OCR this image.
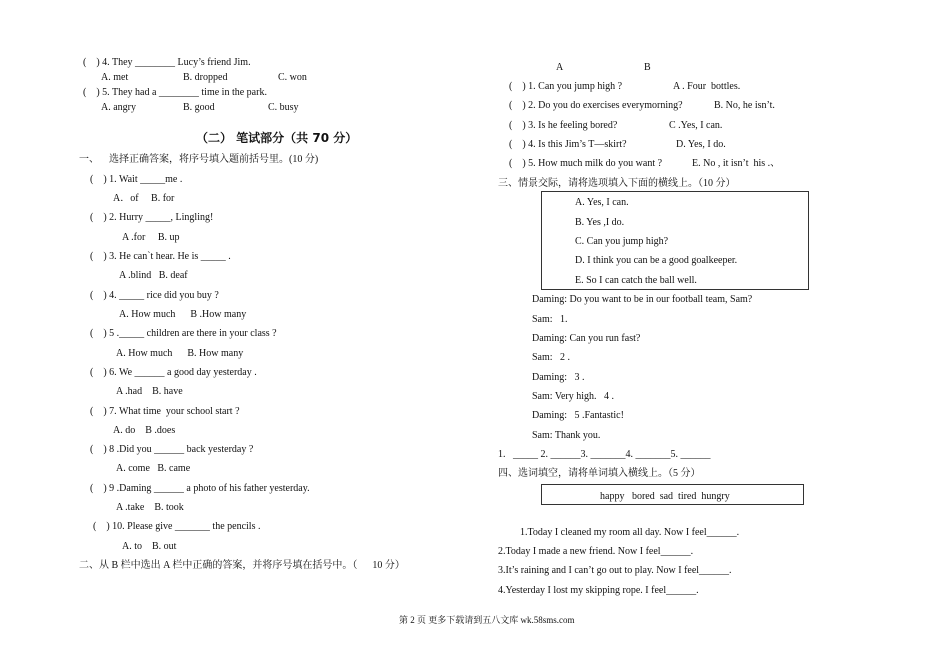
(    ) 4. They ________ Lucy’s friend Jim.
A. met	B. dropped	C. won
(    ) 5. They had a ________ time in the park.
A. angry	B. good	C. busy
（二） 笔试部分（共 70 分）
一、    选择正确答案，将序号填入题前括号里。(10 分)
(    ) 1. Wait _____me .
A．of     B. for
(    ) 2. Hurry _____, Lingling!
A .for     B. up
(    ) 3. He can`t hear. He is _____ .
A .blind   B. deaf
(    ) 4. _____ rice did you buy ?
A. How much      B .How many
(    ) 5 ._____ children are there in your class ?
A. How much      B. How many
(    ) 6. We ______ a good day yesterday .
A .had    B. have
(    ) 7. What time  your school start ?
A. do    B .does
(    ) 8 .Did you ______ back yesterday ?
A. come   B. came
(    ) 9 .Daming ______ a photo of his father yesterday.
A .take    B. took
(    ) 10. Please give _______ the pencils .
A. to    B. out
二、从 B 栏中选出 A 栏中正确的答案，并将序号填在括号中。（      10 分）
A	B
(    ) 1. Can you jump high ?	A . Four  bottles.
(    ) 2. Do you do exercises everymorning?	B. No, he isn’t.
(    ) 3. Is he feeling bored?	C .Yes, I can.
(    ) 4. Is this Jim’s T—skirt?	D. Yes, I do.
(    ) 5. How much milk do you want ?	E. No , it isn’t  his .、
三、情景交际，请将选项填入下面的横线上。（10 分）
A. Yes, I can.
B. Yes ,I do.
C. Can you jump high?
D. I think you can be a good goalkeeper.
E. So I can catch the ball well.
Daming: Do you want to be in our football team, Sam?
Sam:   1.
Daming: Can you run fast?
Sam:   2 .
Daming:   3 .
Sam: Very high.   4 .
Daming:   5 .Fantastic!
Sam: Thank you.
1.   _____ 2. ______3. _______4. _______5. ______
四、选词填空，请将单词填入横线上。（5 分）
happy   bored  sad  tired  hungry
1.Today I cleaned my room all day. Now I feel______.
2.Today I made a new friend. Now I feel______.
3.It’s raining and I can’t go out to play. Now I feel______.
4.Yesterday I lost my skipping rope. I feel______.
第 2 页 更多下载请到五八文库 wk.58sms.com
